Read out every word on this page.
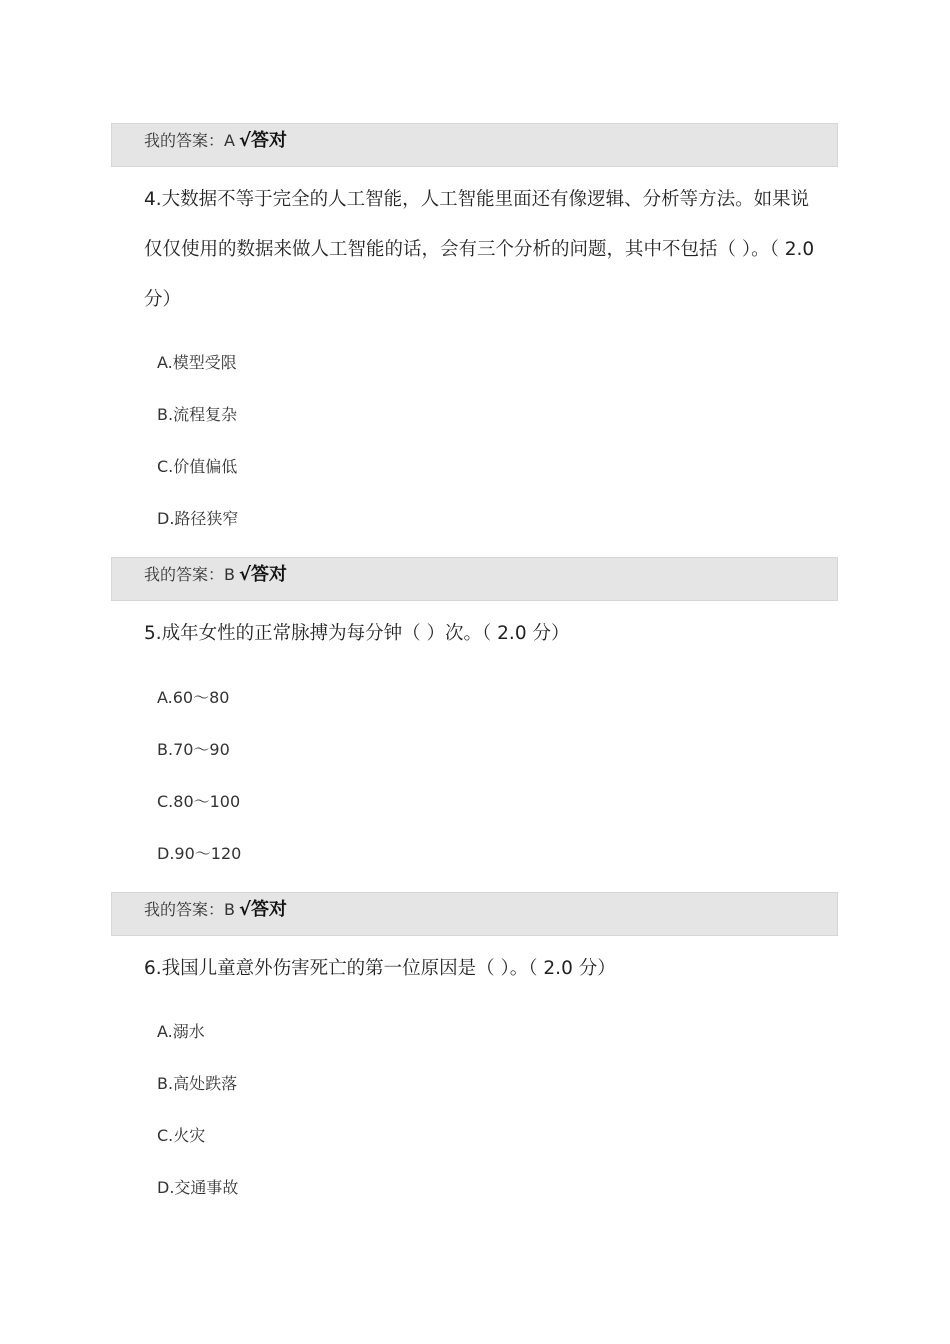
我的答案：A √答对
4.大数据不等于完全的人工智能，人工智能里面还有像逻辑、分析等方法。如果说仅仅使用的数据来做人工智能的话，会有三个分析的问题，其中不包括（ ）。（ 2.0 分）
A.模型受限
B.流程复杂
C.价值偏低
D.路径狭窄
我的答案：B √答对
5.成年女性的正常脉搏为每分钟（ ）次。（ 2.0 分）
A.60～80
B.70～90
C.80～100
D.90～120
我的答案：B √答对
6.我国儿童意外伤害死亡的第一位原因是（ ）。（ 2.0 分）
A.溺水
B.高处跌落
C.火灾
D.交通事故
